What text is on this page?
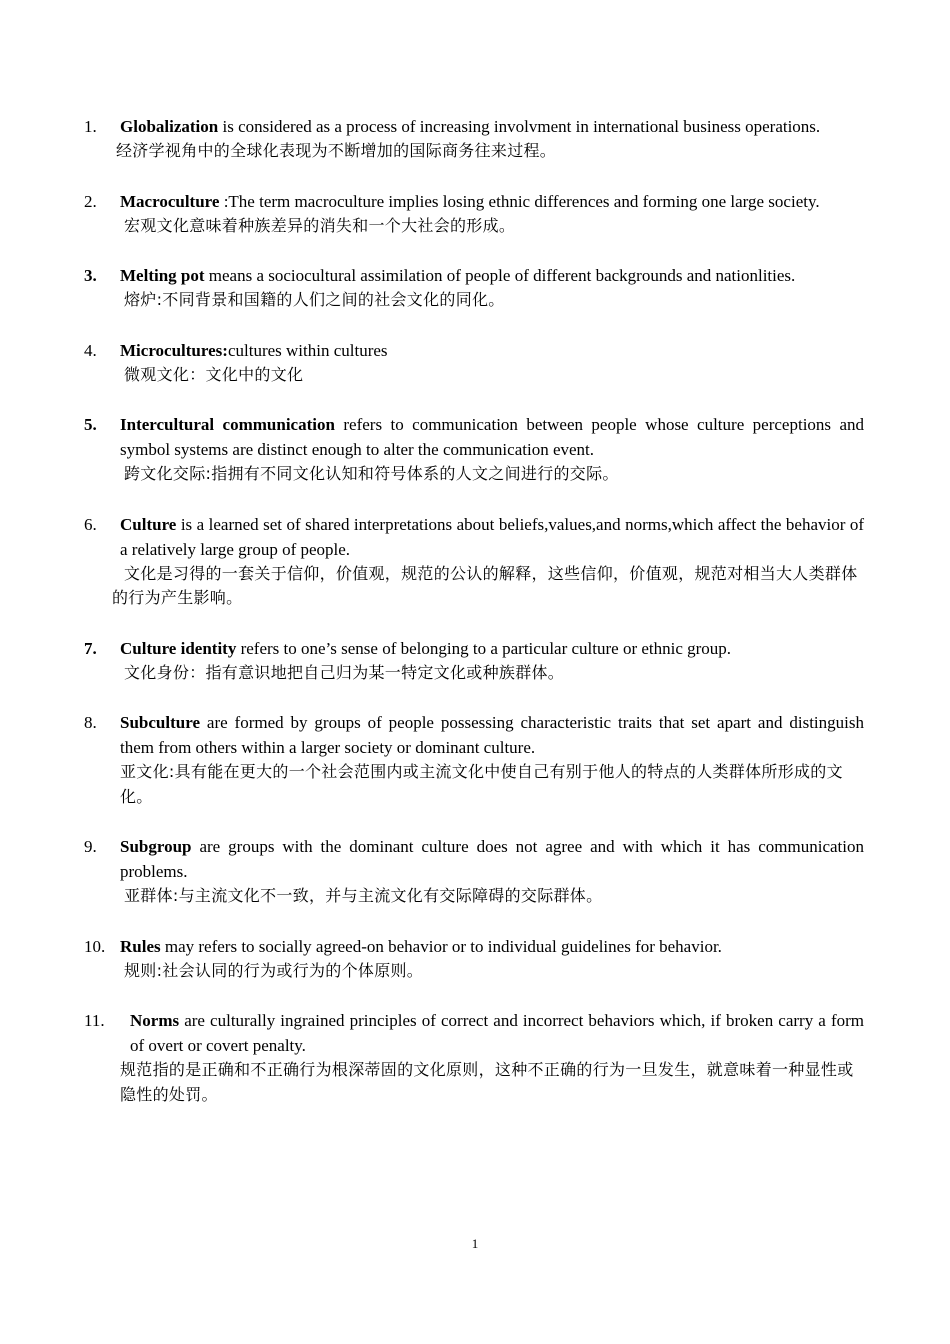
1. Globalization is considered as a process of increasing involvment in international business operations.
经济学视角中的全球化表现为不断增加的国际商务往来过程。
2. Macroculture :The term macroculture implies losing ethnic differences and forming one large society.
宏观文化意味着种族差异的消失和一个大社会的形成。
3. Melting pot means a sociocultural assimilation of people of different backgrounds and nationlities.
熔炉:不同背景和国籍的人们之间的社会文化的同化。
4. Microcultures:cultures within cultures
微观文化：文化中的文化
5. Intercultural communication refers to communication between people whose culture perceptions and symbol systems are distinct enough to alter the communication event.
跨文化交际:指拥有不同文化认知和符号体系的人文之间进行的交际。
6. Culture is a learned set of shared interpretations about beliefs,values,and norms,which affect the behavior of a relatively large group of people.
文化是习得的一套关于信仰，价值观，规范的公认的解释，这些信仰，价值观，规范对相当大人类群体的行为产生影响。
7. Culture identity refers to one’s sense of belonging to a particular culture or ethnic group.
文化身份：指有意识地把自己归为某一特定文化或种族群体。
8. Subculture are formed by groups of people possessing characteristic traits that set apart and distinguish them from others within a larger society or dominant culture.
亚文化:具有能在更大的一个社会范围内或主流文化中使自己有别于他人的特点的人类群体所形成的文化。
9. Subgroup are groups with the dominant culture does not agree and with which it has communication problems.
亚群体:与主流文化不一致，并与主流文化有交际障碍的交际群体。
10. Rules may refers to socially agreed-on behavior or to individual guidelines for behavior.
规则:社会认同的行为或行为的个体原则。
11.	Norms are culturally ingrained principles of correct and incorrect behaviors which, if broken carry a form of overt or covert penalty.
规范指的是正确和不正确行为根深蒂固的文化原则，这种不正确的行为一旦发生，就意味着一种显性或隐性的处罚。
1
